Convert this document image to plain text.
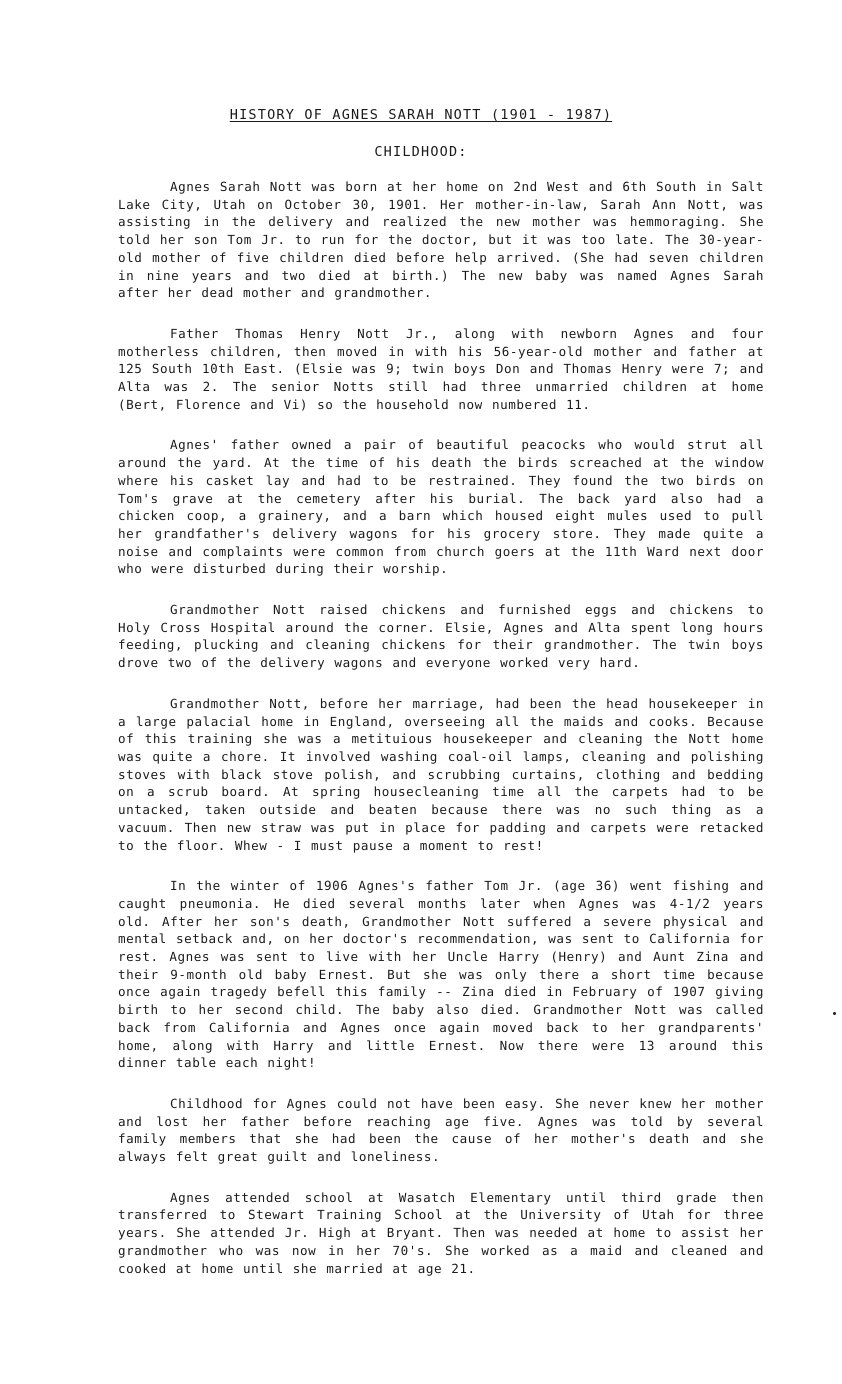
HISTORY OF AGNES SARAH NOTT (1901 - 1987)
CHILDHOOD:

Agnes Sarah Nott was born at her home on 2nd West and 6th South in Salt Lake City, Utah on October 30, 1901. Her mother-in-law, Sarah Ann Nott, was assisting in the delivery and realized the new mother was hemmoraging. She told her son Tom Jr. to run for the doctor, but it was too late. The 30-year-old mother of five children died before help arrived. (She had seven children in nine years and two died at birth.) The new baby was named Agnes Sarah after her dead mother and grandmother.

Father Thomas Henry Nott Jr., along with newborn Agnes and four motherless children, then moved in with his 56-year-old mother and father at 125 South 10th East. (Elsie was 9; twin boys Don and Thomas Henry were 7; and Alta was 2. The senior Notts still had three unmarried children at home (Bert, Florence and Vi) so the household now numbered 11.

Agnes' father owned a pair of beautiful peacocks who would strut all around the yard. At the time of his death the birds screached at the window where his casket lay and had to be restrained. They found the two birds on Tom's grave at the cemetery after his burial. The back yard also had a chicken coop, a grainery, and a barn which housed eight mules used to pull her grandfather's delivery wagons for his grocery store. They made quite a noise and complaints were common from church goers at the 11th Ward next door who were disturbed during their worship.

Grandmother Nott raised chickens and furnished eggs and chickens to Holy Cross Hospital around the corner. Elsie, Agnes and Alta spent long hours feeding, plucking and cleaning chickens for their grandmother. The twin boys drove two of the delivery wagons and everyone worked very hard.

Grandmother Nott, before her marriage, had been the head housekeeper in a large palacial home in England, overseeing all the maids and cooks. Because of this training she was a metituious housekeeper and cleaning the Nott home was quite a chore. It involved washing coal-oil lamps, cleaning and polishing stoves with black stove polish, and scrubbing curtains, clothing and bedding on a scrub board. At spring housecleaning time all the carpets had to be untacked, taken outside and beaten because there was no such thing as a vacuum. Then new straw was put in place for padding and carpets were retacked to the floor. Whew - I must pause a moment to rest!

In the winter of 1906 Agnes's father Tom Jr. (age 36) went fishing and caught pneumonia. He died several months later when Agnes was 4-1/2 years old. After her son's death, Grandmother Nott suffered a severe physical and mental setback and, on her doctor's recommendation, was sent to California for rest. Agnes was sent to live with her Uncle Harry (Henry) and Aunt Zina and their 9-month old baby Ernest. But she was only there a short time because once again tragedy befell this family -- Zina died in February of 1907 giving birth to her second child. The baby also died. Grandmother Nott was called back from California and Agnes once again moved back to her grandparents' home, along with Harry and little Ernest. Now there were 13 around this dinner table each night!

Childhood for Agnes could not have been easy. She never knew her mother and lost her father before reaching age five. Agnes was told by several family members that she had been the cause of her mother's death and she always felt great guilt and loneliness.

Agnes attended school at Wasatch Elementary until third grade then transferred to Stewart Training School at the University of Utah for three years. She attended Jr. High at Bryant. Then was needed at home to assist her grandmother who was now in her 70's. She worked as a maid and cleaned and cooked at home until she married at age 21.
